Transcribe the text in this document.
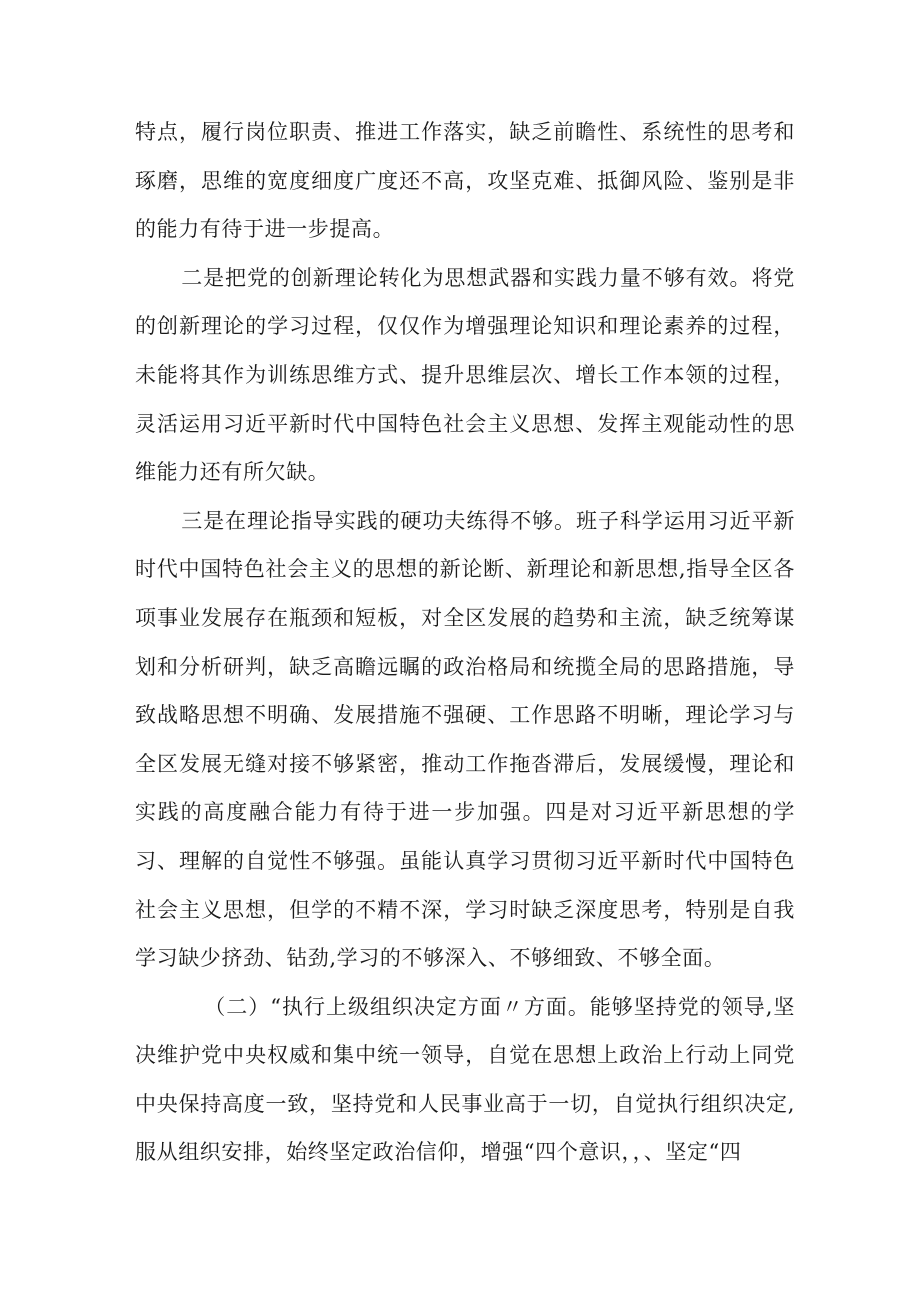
特点，履行岗位职责、推进工作落实，缺乏前瞻性、系统性的思考和琢磨，思维的宽度细度广度还不高，攻坚克难、抵御风险、鉴别是非的能力有待于进一步提高。

二是把党的创新理论转化为思想武器和实践力量不够有效。将党的创新理论的学习过程，仅仅作为增强理论知识和理论素养的过程，未能将其作为训练思维方式、提升思维层次、增长工作本领的过程，灵活运用习近平新时代中国特色社会主义思想、发挥主观能动性的思维能力还有所欠缺。

三是在理论指导实践的硬功夫练得不够。班子科学运用习近平新时代中国特色社会主义的思想的新论断、新理论和新思想,指导全区各项事业发展存在瓶颈和短板，对全区发展的趋势和主流，缺乏统筹谋划和分析研判，缺乏高瞻远瞩的政治格局和统揽全局的思路措施，导致战略思想不明确、发展措施不强硬、工作思路不明晰，理论学习与全区发展无缝对接不够紧密，推动工作拖沓滞后，发展缓慢，理论和实践的高度融合能力有待于进一步加强。四是对习近平新思想的学习、理解的自觉性不够强。虽能认真学习贯彻习近平新时代中国特色社会主义思想，但学的不精不深，学习时缺乏深度思考，特别是自我学习缺少挤劲、钻劲,学习的不够深入、不够细致、不够全面。

（二）“执行上级组织决定方面〃方面。能够坚持党的领导,坚决维护党中央权威和集中统一领导，自觉在思想上政治上行动上同党中央保持高度一致，坚持党和人民事业高于一切，自觉执行组织决定,服从组织安排，始终坚定政治信仰，增强“四个意识，，、坚定“四
